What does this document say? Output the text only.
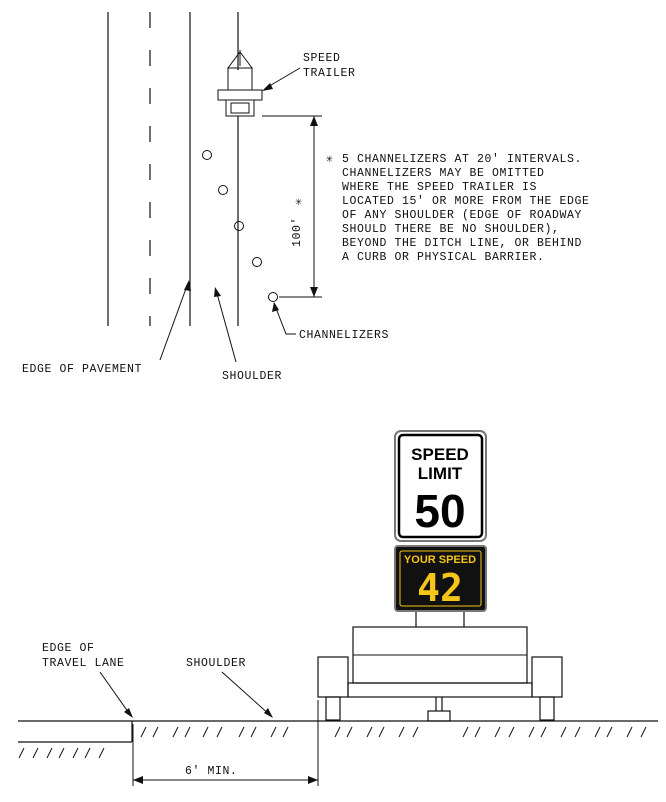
SPEED
TRAILER
100'
✳
✳ 5 CHANNELIZERS AT 20' INTERVALS.
CHANNELIZERS MAY BE OMITTED
WHERE THE SPEED TRAILER IS
LOCATED 15' OR MORE FROM THE EDGE
OF ANY SHOULDER (EDGE OF ROADWAY
SHOULD THERE BE NO SHOULDER),
BEYOND THE DITCH LINE, OR BEHIND
A CURB OR PHYSICAL BARRIER.
CHANNELIZERS
EDGE OF PAVEMENT
SHOULDER
EDGE OF
TRAVEL LANE	SHOULDER
6' MIN.
YOUR SPEED
42
SPEED
LIMIT
50
